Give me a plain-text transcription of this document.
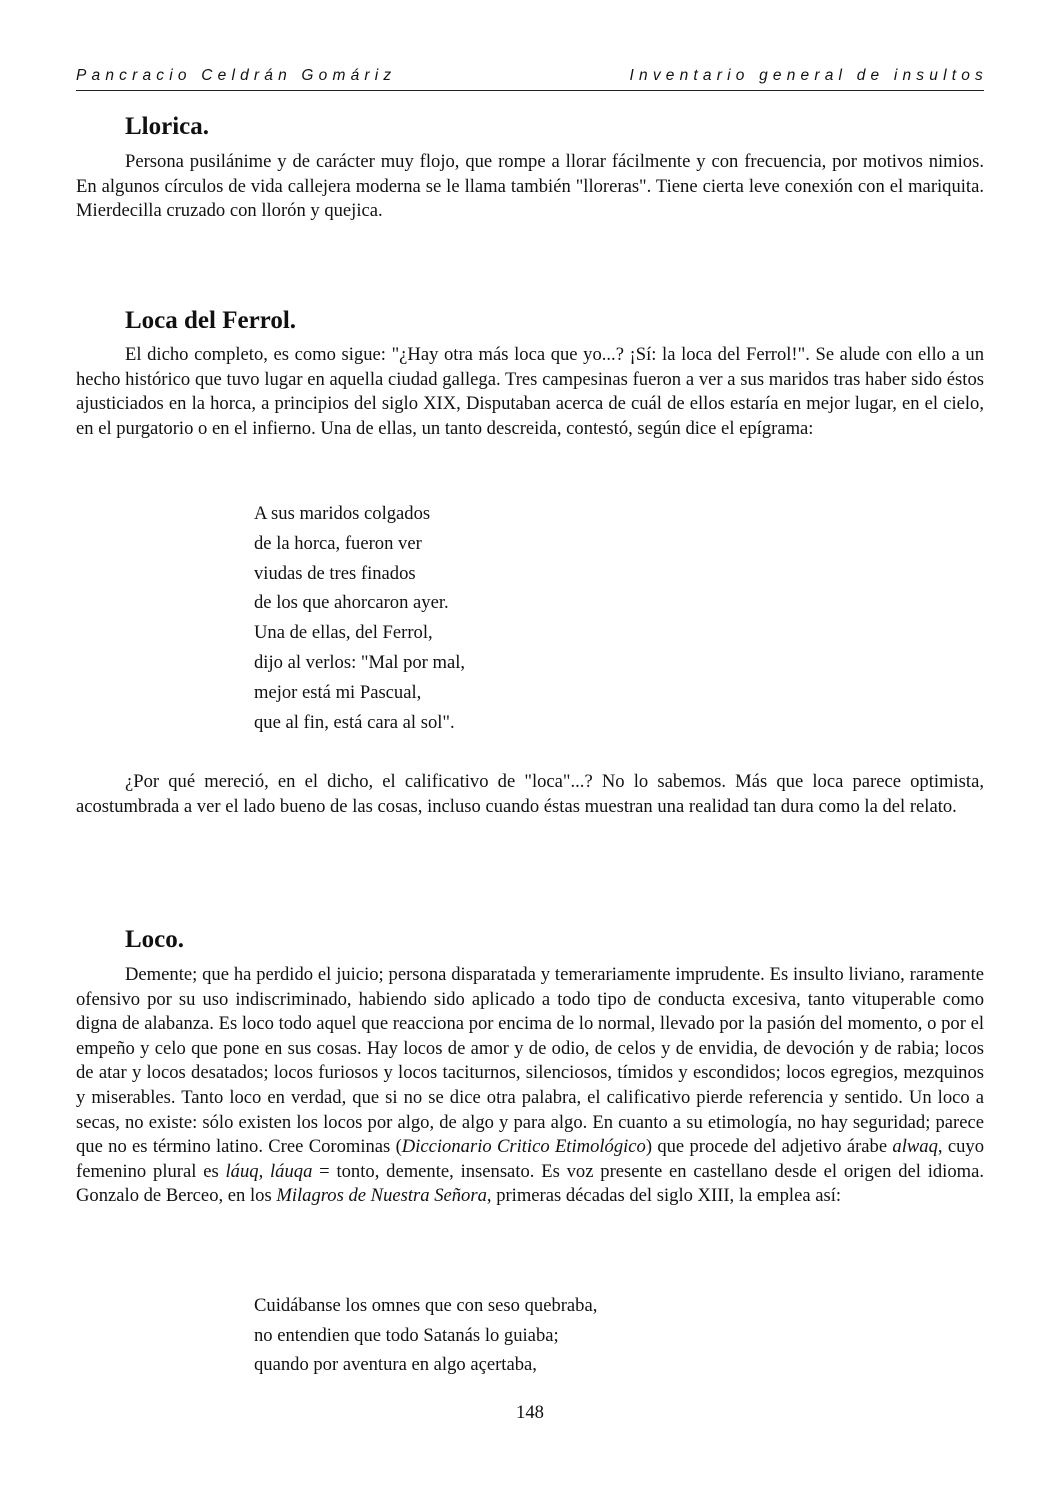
Pancracio Celdrán Gomáriz	Inventario general de insultos
Llorica.

Persona pusilánime y de carácter muy flojo, que rompe a llorar fácilmente y con frecuencia, por motivos nimios. En algunos círculos de vida callejera moderna se le llama también "lloreras". Tiene cierta leve conexión con el mariquita. Mierdecilla cruzado con llorón y quejica.

Loca del Ferrol.

El dicho completo, es como sigue: "¿Hay otra más loca que yo...? ¡Sí: la loca del Ferrol!". Se alude con ello a un hecho histórico que tuvo lugar en aquella ciudad gallega. Tres campesinas fueron a ver a sus maridos tras haber sido éstos ajusticiados en la horca, a principios del siglo XIX, Disputaban acerca de cuál de ellos estaría en mejor lugar, en el cielo, en el purgatorio o en el infierno. Una de ellas, un tanto descreida, contestó, según dice el epígrama:

A sus maridos colgados
de la horca, fueron ver
viudas de tres finados
de los que ahorcaron ayer.
Una de ellas, del Ferrol,
dijo al verlos: "Mal por mal,
mejor está mi Pascual,
que al fin, está cara al sol".

¿Por qué mereció, en el dicho, el calificativo de "loca"...? No lo sabemos. Más que loca parece optimista, acostumbrada a ver el lado bueno de las cosas, incluso cuando éstas muestran una realidad tan dura como la del relato.

Loco.

Demente; que ha perdido el juicio; persona disparatada y temerariamente imprudente. Es insulto liviano, raramente ofensivo por su uso indiscriminado, habiendo sido aplicado a todo tipo de conducta excesiva, tanto vituperable como digna de alabanza. Es loco todo aquel que reacciona por encima de lo normal, llevado por la pasión del momento, o por el empeño y celo que pone en sus cosas. Hay locos de amor y de odio, de celos y de envidia, de devoción y de rabia; locos de atar y locos desatados; locos furiosos y locos taciturnos, silenciosos, tímidos y escondidos; locos egregios, mezquinos y miserables. Tanto loco en verdad, que si no se dice otra palabra, el calificativo pierde referencia y sentido. Un loco a secas, no existe: sólo existen los locos por algo, de algo y para algo. En cuanto a su etimología, no hay seguridad; parece que no es término latino. Cree Corominas (Diccionario Critico Etimológico) que procede del adjetivo árabe alwaq, cuyo femenino plural es láuq, láuqa = tonto, demente, insensato. Es voz presente en castellano desde el origen del idioma. Gonzalo de Berceo, en los Milagros de Nuestra Señora, primeras décadas del siglo XIII, la emplea así:

Cuidábanse los omnes que con seso quebraba,
no entendien que todo Satanás lo guiaba;
quando por aventura en algo açertaba,
148
